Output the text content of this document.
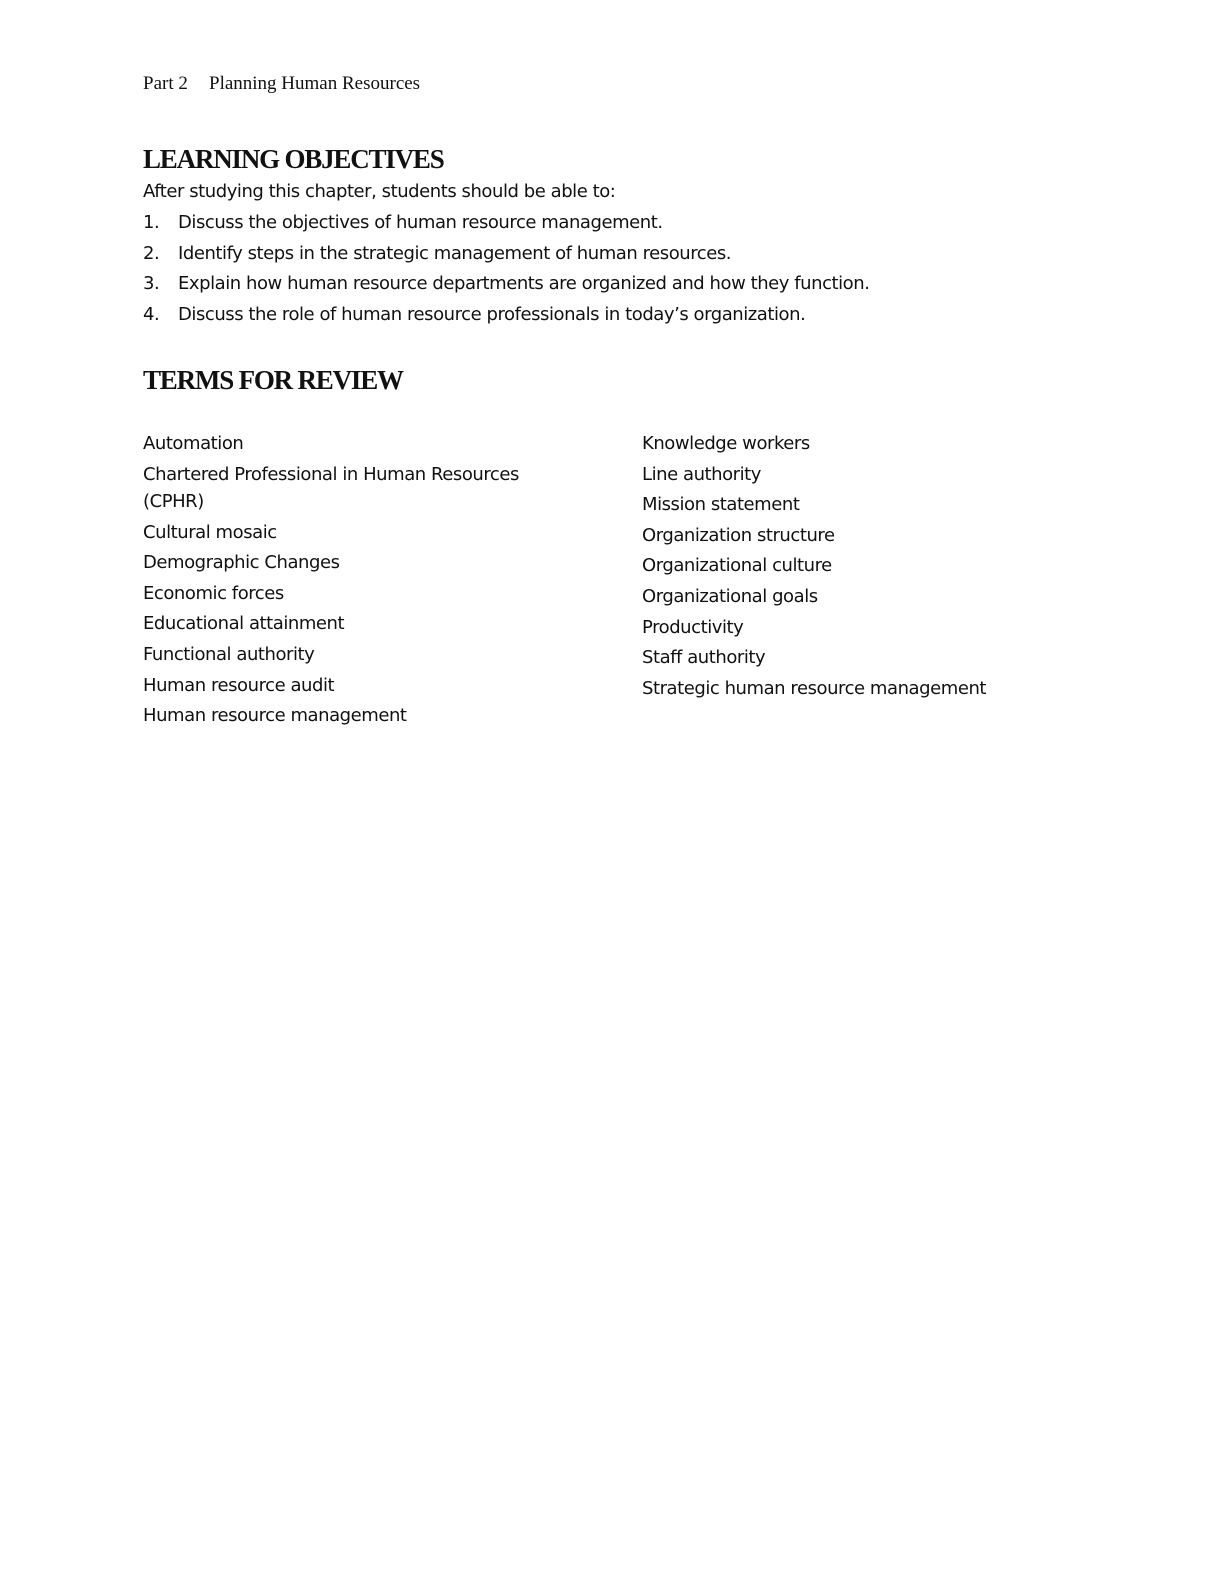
Part 2 Planning Human Resources
LEARNING OBJECTIVES
After studying this chapter, students should be able to:
1. Discuss the objectives of human resource management.
2. Identify steps in the strategic management of human resources.
3. Explain how human resource departments are organized and how they function.
4. Discuss the role of human resource professionals in today’s organization.
TERMS FOR REVIEW
Automation
Chartered Professional in Human Resources (CPHR)
Cultural mosaic
Demographic Changes
Economic forces
Educational attainment
Functional authority
Human resource audit
Human resource management
Knowledge workers
Line authority
Mission statement
Organization structure
Organizational culture
Organizational goals
Productivity
Staff authority
Strategic human resource management
